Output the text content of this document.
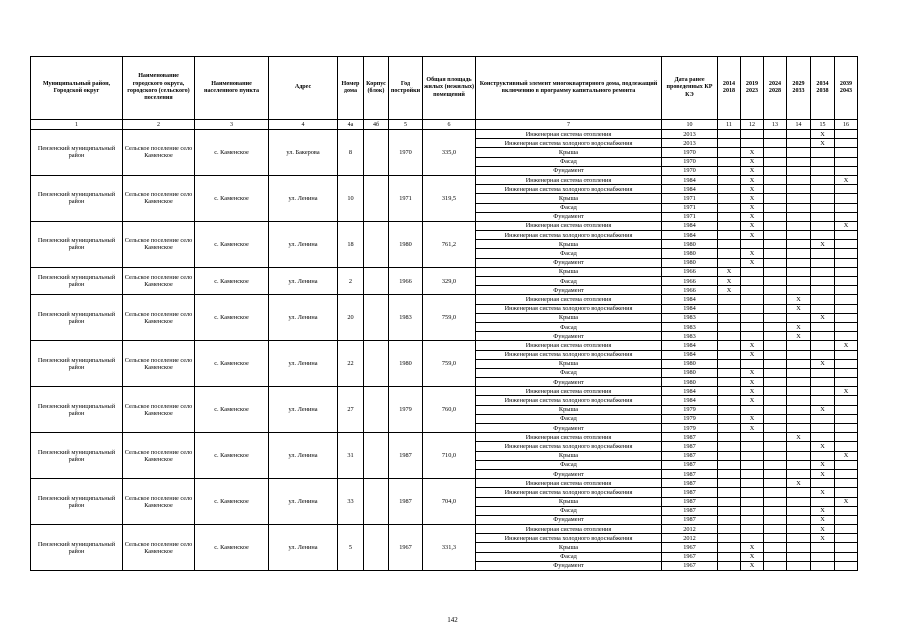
Муниципальный район, Городской округ	Наименование городского округа, городского (сельского) поселения	Наименование населенного пункта	Адрес	Номер дома	Корпус (блок)	Год постройки	Общая площадь жилых (нежилых) помещений	Конструктивный элемент многоквартирного дома, подлежащий включению в программу капитального ремонта	Дата ранее проведенных КР КЭ	2014 2018	2019 2023	2024 2028	2029 2033	2034 2038	2039 2043
1	2	3	4	4а	4б	5	6	7	10	11	12	13	14	15	16
Пензенский муниципальный район	Сельское поселение село Каменское	с. Каменское	ул. Бакерова	8		1970	335,0	Инженерная система отопления	2013					X	
								Инженерная система холодного водоснабжения	2013					X	
								Крыша	1970		X				
								Фасад	1970		X				
								Фундамент	1970		X				
Пензенский муниципальный район	Сельское поселение село Каменское	с. Каменское	ул. Ленина	10		1971	319,5	Инженерная система отопления	1984		X				X
								Инженерная система холодного водоснабжения	1984		X				
								Крыша	1971		X				
								Фасад	1971		X				
								Фундамент	1971		X				
Пензенский муниципальный район	Сельское поселение село Каменское	с. Каменское	ул. Ленина	18		1980	761,2	Инженерная система отопления	1984		X				X
								Инженерная система холодного водоснабжения	1984		X				
								Крыша	1980					X	
								Фасад	1980		X				
								Фундамент	1980		X				
Пензенский муниципальный район	Сельское поселение село Каменское	с. Каменское	ул. Ленина	2		1966	329,0	Крыша	1966	X					
								Фасад	1966	X					
								Фундамент	1966	X					
Пензенский муниципальный район	Сельское поселение село Каменское	с. Каменское	ул. Ленина	20		1983	759,0	Инженерная система отопления	1984				X		
								Инженерная система холодного водоснабжения	1984				X		
								Крыша	1983					X	
								Фасад	1983				X		
								Фундамент	1983				X		
Пензенский муниципальный район	Сельское поселение село Каменское	с. Каменское	ул. Ленина	22		1980	759,0	Инженерная система отопления	1984		X				X
								Инженерная система холодного водоснабжения	1984		X				
								Крыша	1980					X	
								Фасад	1980		X				
								Фундамент	1980		X				
Пензенский муниципальный район	Сельское поселение село Каменское	с. Каменское	ул. Ленина	27		1979	760,0	Инженерная система отопления	1984		X				X
								Инженерная система холодного водоснабжения	1984		X				
								Крыша	1979					X	
								Фасад	1979		X				
								Фундамент	1979		X				
Пензенский муниципальный район	Сельское поселение село Каменское	с. Каменское	ул. Ленина	31		1987	710,0	Инженерная система отопления	1987				X		
								Инженерная система холодного водоснабжения	1987					X	
								Крыша	1987						X
								Фасад	1987					X	
								Фундамент	1987					X	
Пензенский муниципальный район	Сельское поселение село Каменское	с. Каменское	ул. Ленина	33		1987	704,0	Инженерная система отопления	1987				X		
								Инженерная система холодного водоснабжения	1987					X	
								Крыша	1987						X
								Фасад	1987					X	
								Фундамент	1987					X	
Пензенский муниципальный район	Сельское поселение село Каменское	с. Каменское	ул. Ленина	5		1967	331,3	Инженерная система отопления	2012					X	
								Инженерная система холодного водоснабжения	2012					X	
								Крыша	1967		X				
								Фасад	1967		X				
								Фундамент	1967		X				
142
